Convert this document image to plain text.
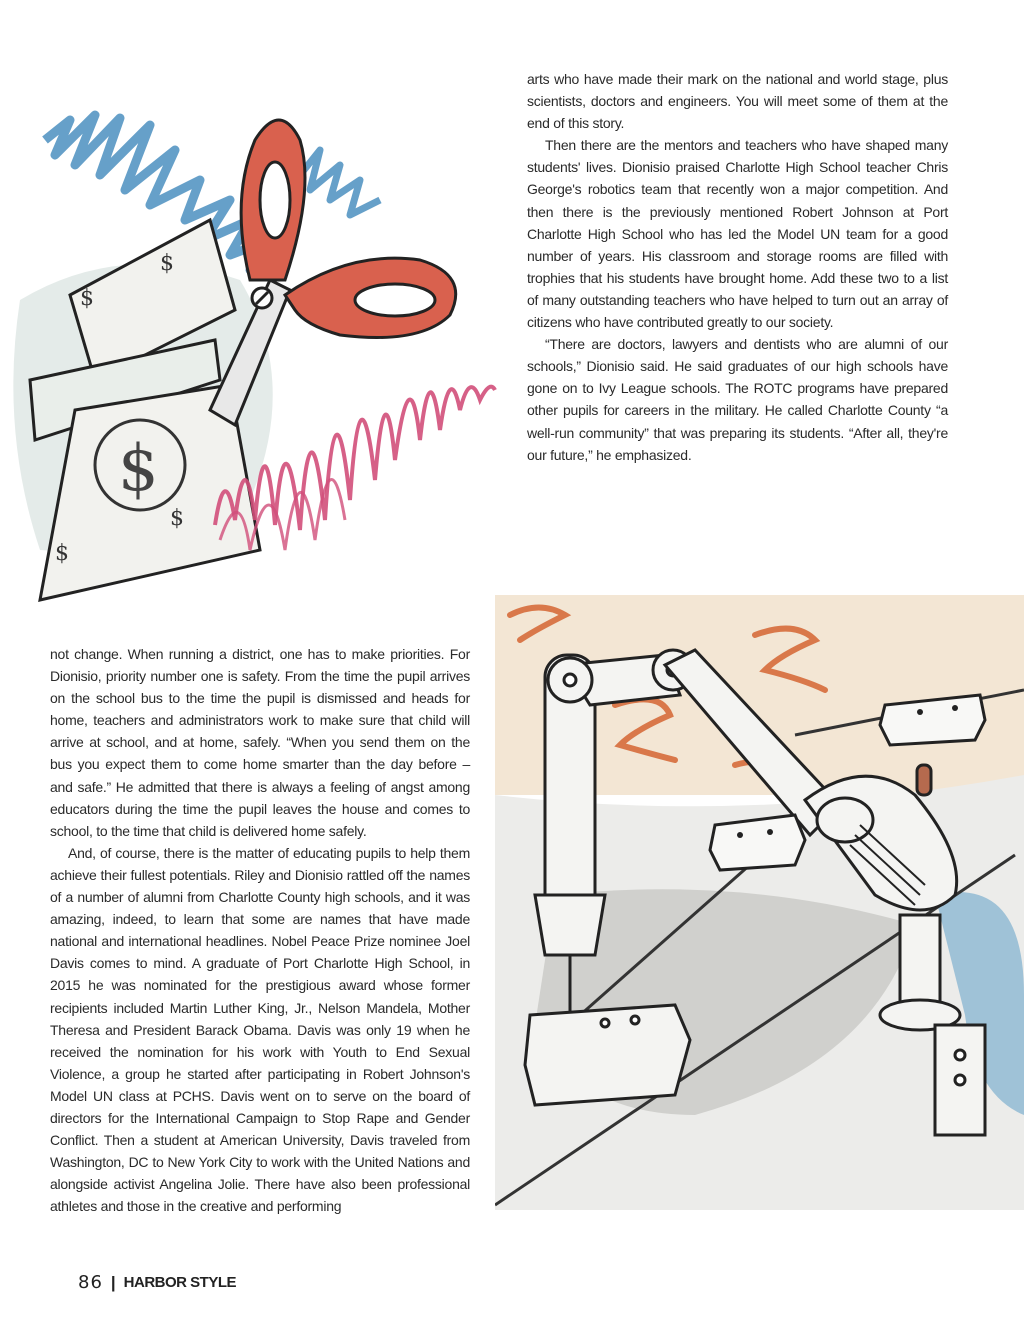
$
$
$
$
$

arts who have made their mark on the national and world stage, plus scientists, doctors and engineers. You will meet some of them at the end of this story.

Then there are the mentors and teachers who have shaped many students' lives. Dionisio praised Charlotte High School teacher Chris George's robotics team that recently won a major competition. And then there is the previously mentioned Robert Johnson at Port Charlotte High School who has led the Model UN team for a good number of years. His classroom and storage rooms are filled with trophies that his students have brought home. Add these two to a list of many outstanding teachers who have helped to turn out an array of citizens who have contributed greatly to our society.

“There are doctors, lawyers and dentists who are alumni of our schools,” Dionisio said. He said graduates of our high schools have gone on to Ivy League schools. The ROTC programs have prepared other pupils for careers in the military. He called Charlotte County “a well-run community” that was preparing its students. “After all, they're our future,” he emphasized.

not change. When running a district, one has to make priorities. For Dionisio, priority number one is safety. From the time the pupil arrives on the school bus to the time the pupil is dismissed and heads for home, teachers and administrators work to make sure that child will arrive at school, and at home, safely. “When you send them on the bus you expect them to come home smarter than the day before – and safe.” He admitted that there is always a feeling of angst among educators during the time the pupil leaves the house and comes to school, to the time that child is delivered home safely.

And, of course, there is the matter of educating pupils to help them achieve their fullest potentials. Riley and Dionisio rattled off the names of a number of alumni from Charlotte County high schools, and it was amazing, indeed, to learn that some are names that have made national and international headlines. Nobel Peace Prize nominee Joel Davis comes to mind. A graduate of Port Charlotte High School, in 2015 he was nominated for the prestigious award whose former recipients included Martin Luther King, Jr., Nelson Mandela, Mother Theresa and President Barack Obama. Davis was only 19 when he received the nomination for his work with Youth to End Sexual Violence, a group he started after participating in Robert Johnson's Model UN class at PCHS. Davis went on to serve on the board of directors for the International Campaign to Stop Rape and Gender Conflict. Then a student at American University, Davis traveled from Washington, DC to New York City to work with the United Nations and alongside activist Angelina Jolie. There have also been professional athletes and those in the creative and performing

86 | HARBOR STYLE
